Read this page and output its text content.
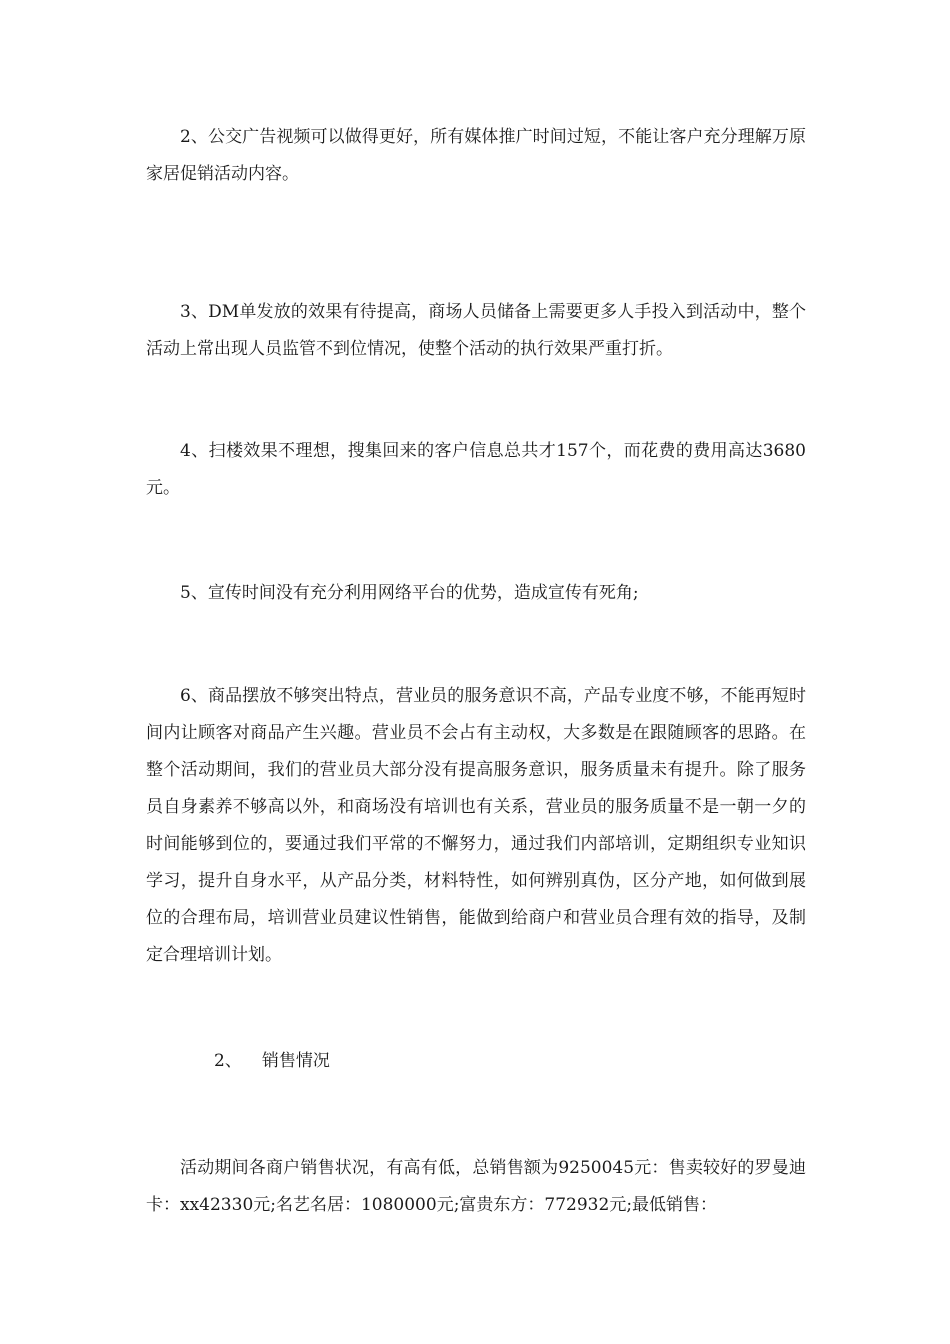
2、公交广告视频可以做得更好，所有媒体推广时间过短，不能让客户充分理解万原家居促销活动内容。

3、DM单发放的效果有待提高，商场人员储备上需要更多人手投入到活动中，整个活动上常出现人员监管不到位情况，使整个活动的执行效果严重打折。

4、扫楼效果不理想，搜集回来的客户信息总共才157个，而花费的费用高达3680元。

5、宣传时间没有充分利用网络平台的优势，造成宣传有死角;

6、商品摆放不够突出特点，营业员的服务意识不高，产品专业度不够，不能再短时间内让顾客对商品产生兴趣。营业员不会占有主动权，大多数是在跟随顾客的思路。在整个活动期间，我们的营业员大部分没有提高服务意识，服务质量未有提升。除了服务员自身素养不够高以外，和商场没有培训也有关系，营业员的服务质量不是一朝一夕的时间能够到位的，要通过我们平常的不懈努力，通过我们内部培训，定期组织专业知识学习，提升自身水平，从产品分类，材料特性，如何辨别真伪，区分产地，如何做到展位的合理布局，培训营业员建议性销售，能做到给商户和营业员合理有效的指导，及制定合理培训计划。

2、 销售情况

活动期间各商户销售状况，有高有低，总销售额为9250045元：售卖较好的罗曼迪卡：xx42330元;名艺名居：1080000元;富贵东方：772932元;最低销售：
